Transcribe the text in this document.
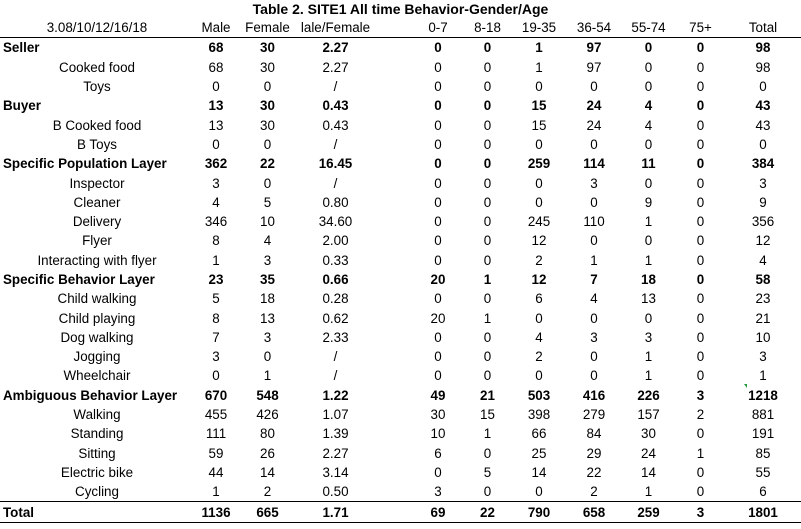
Table 2. SITE1 All time Behavior-Gender/Age
3.08/10/12/16/18	Male	Female	lale/Female		0-7	8-18	19-35	36-54	55-74	75+	Total
Seller	68	30	2.27		0	0	1	97	0	0	98
Cooked food	68	30	2.27		0	0	1	97	0	0	98
Toys	0	0	/		0	0	0	0	0	0	0
Buyer	13	30	0.43		0	0	15	24	4	0	43
B Cooked food	13	30	0.43		0	0	15	24	4	0	43
B Toys	0	0	/		0	0	0	0	0	0	0
Specific Population Layer	362	22	16.45		0	0	259	114	11	0	384
Inspector	3	0	/		0	0	0	3	0	0	3
Cleaner	4	5	0.80		0	0	0	0	9	0	9
Delivery	346	10	34.60		0	0	245	110	1	0	356
Flyer	8	4	2.00		0	0	12	0	0	0	12
Interacting with flyer	1	3	0.33		0	0	2	1	1	0	4
Specific Behavior Layer	23	35	0.66		20	1	12	7	18	0	58
Child walking	5	18	0.28		0	0	6	4	13	0	23
Child playing	8	13	0.62		20	1	0	0	0	0	21
Dog walking	7	3	2.33		0	0	4	3	3	0	10
Jogging	3	0	/		0	0	2	0	1	0	3
Wheelchair	0	1	/		0	0	0	0	1	0	1
Ambiguous Behavior Layer	670	548	1.22		49	21	503	416	226	3	1218
Walking	455	426	1.07		30	15	398	279	157	2	881
Standing	111	80	1.39		10	1	66	84	30	0	191
Sitting	59	26	2.27		6	0	25	29	24	1	85
Electric bike	44	14	3.14		0	5	14	22	14	0	55
Cycling	1	2	0.50		3	0	0	2	1	0	6
Total	1136	665	1.71		69	22	790	658	259	3	1801
